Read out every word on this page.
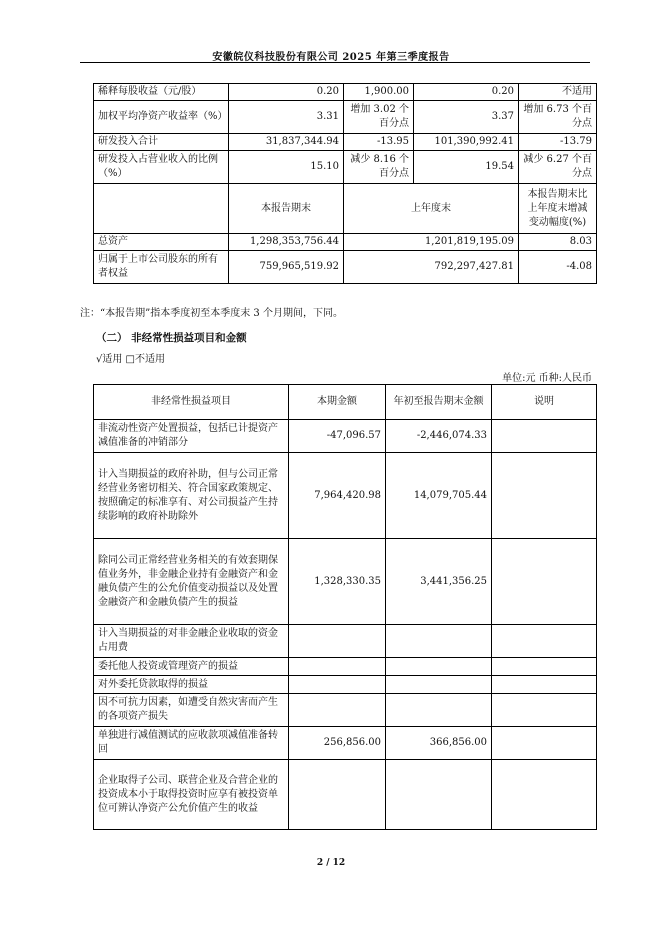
安徽皖仪科技股份有限公司 2025 年第三季度报告
稀释每股收益（元/股）	0.20	1,900.00	0.20	不适用
加权平均净资产收益率（%）	3.31	增加 3.02 个百分点	3.37	增加 6.73 个百分点
研发投入合计	31,837,344.94	-13.95	101,390,992.41	-13.79
研发投入占营业收入的比例（%）	15.10	减少 8.16 个百分点	19.54	减少 6.27 个百分点
	本报告期末	上年度末		本报告期末比上年度末增减变动幅度(%)
总资产	1,298,353,756.44	1,201,819,195.09		8.03
归属于上市公司股东的所有者权益	759,965,519.92	792,297,427.81		-4.08
注：“本报告期”指本季度初至本季度末 3 个月期间，下同。
（二） 非经常性损益项目和金额
√适用 □不适用
单位:元 币种:人民币
非经常性损益项目	本期金额	年初至报告期末金额	说明
非流动性资产处置损益，包括已计提资产减值准备的冲销部分	-47,096.57	-2,446,074.33	
计入当期损益的政府补助，但与公司正常经营业务密切相关、符合国家政策规定、按照确定的标准享有、对公司损益产生持续影响的政府补助除外	7,964,420.98	14,079,705.44	
除同公司正常经营业务相关的有效套期保值业务外，非金融企业持有金融资产和金融负债产生的公允价值变动损益以及处置金融资产和金融负债产生的损益	1,328,330.35	3,441,356.25	
计入当期损益的对非金融企业收取的资金占用费			
委托他人投资或管理资产的损益			
对外委托贷款取得的损益			
因不可抗力因素，如遭受自然灾害而产生的各项资产损失			
单独进行减值测试的应收款项减值准备转回	256,856.00	366,856.00	
企业取得子公司、联营企业及合营企业的投资成本小于取得投资时应享有被投资单位可辨认净资产公允价值产生的收益			
2 / 12
